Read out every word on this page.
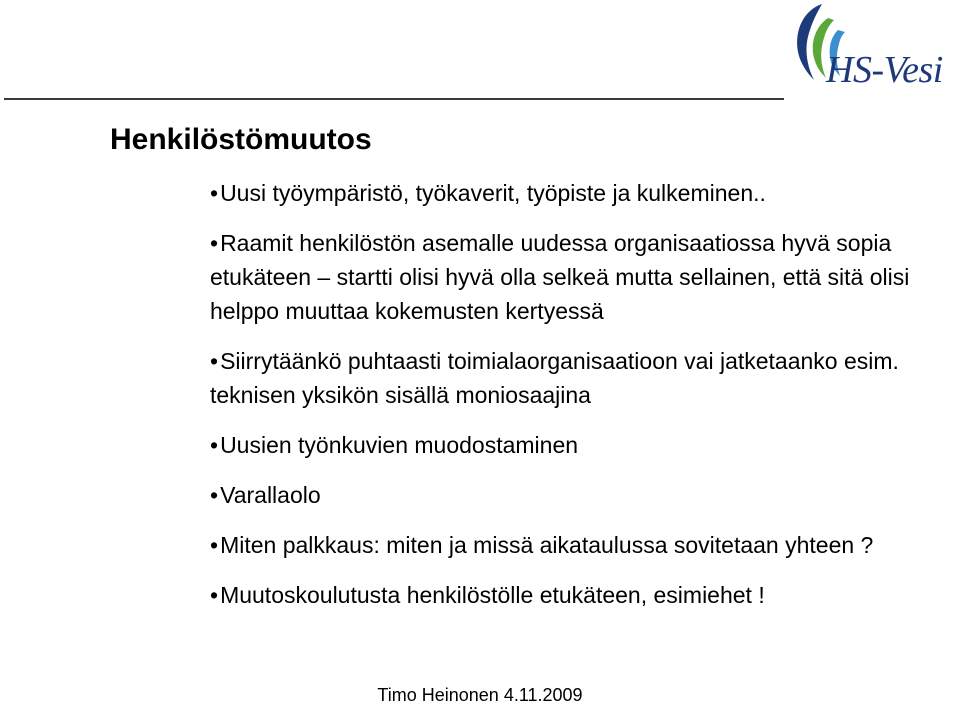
HS-Vesi
Henkilöstömuutos
•Uusi työympäristö, työkaverit, työpiste ja kulkeminen..
•Raamit henkilöstön asemalle uudessa organisaatiossa hyvä sopia etukäteen – startti olisi hyvä olla selkeä mutta sellainen, että sitä olisi helppo muuttaa kokemusten kertyessä
•Siirrytäänkö puhtaasti toimialaorganisaatioon vai jatketaanko esim. teknisen yksikön sisällä moniosaajina
•Uusien työnkuvien muodostaminen
•Varallaolo
•Miten palkkaus: miten ja missä aikataulussa sovitetaan yhteen ?
•Muutoskoulutusta henkilöstölle etukäteen, esimiehet !
Timo Heinonen 4.11.2009
